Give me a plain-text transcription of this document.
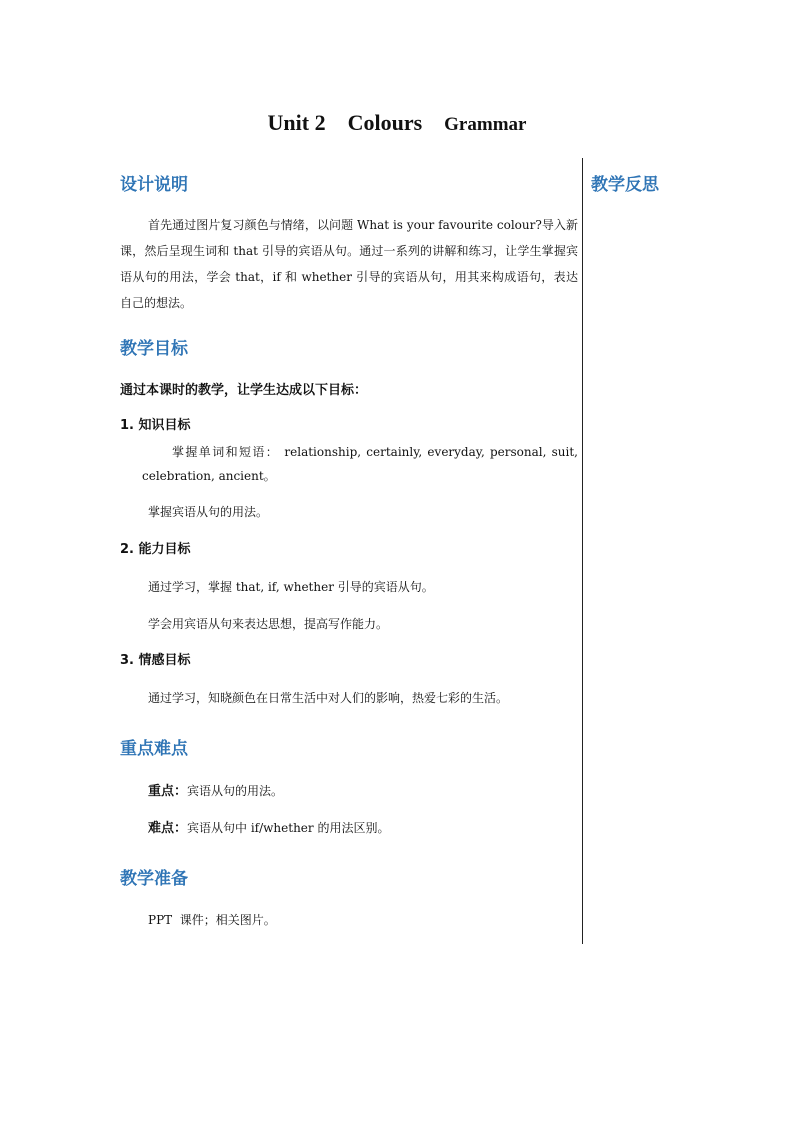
Unit 2 Colours Grammar
教学反思
设计说明
首先通过图片复习颜色与情绪，以问题 What is your favourite colour?导入新课，然后呈现生词和 that 引导的宾语从句。通过一系列的讲解和练习，让学生掌握宾语从句的用法，学会 that，if 和 whether 引导的宾语从句，用其来构成语句，表达自己的想法。
教学目标
通过本课时的教学，让学生达成以下目标：
1. 知识目标
掌握单词和短语： relationship, certainly, everyday, personal, suit, celebration, ancient。
掌握宾语从句的用法。
2. 能力目标
通过学习，掌握 that, if, whether 引导的宾语从句。
学会用宾语从句来表达思想，提高写作能力。
3. 情感目标
通过学习，知晓颜色在日常生活中对人们的影响，热爱七彩的生活。
重点难点
重点：宾语从句的用法。
难点：宾语从句中 if/whether 的用法区别。
教学准备
PPT  课件；相关图片。
